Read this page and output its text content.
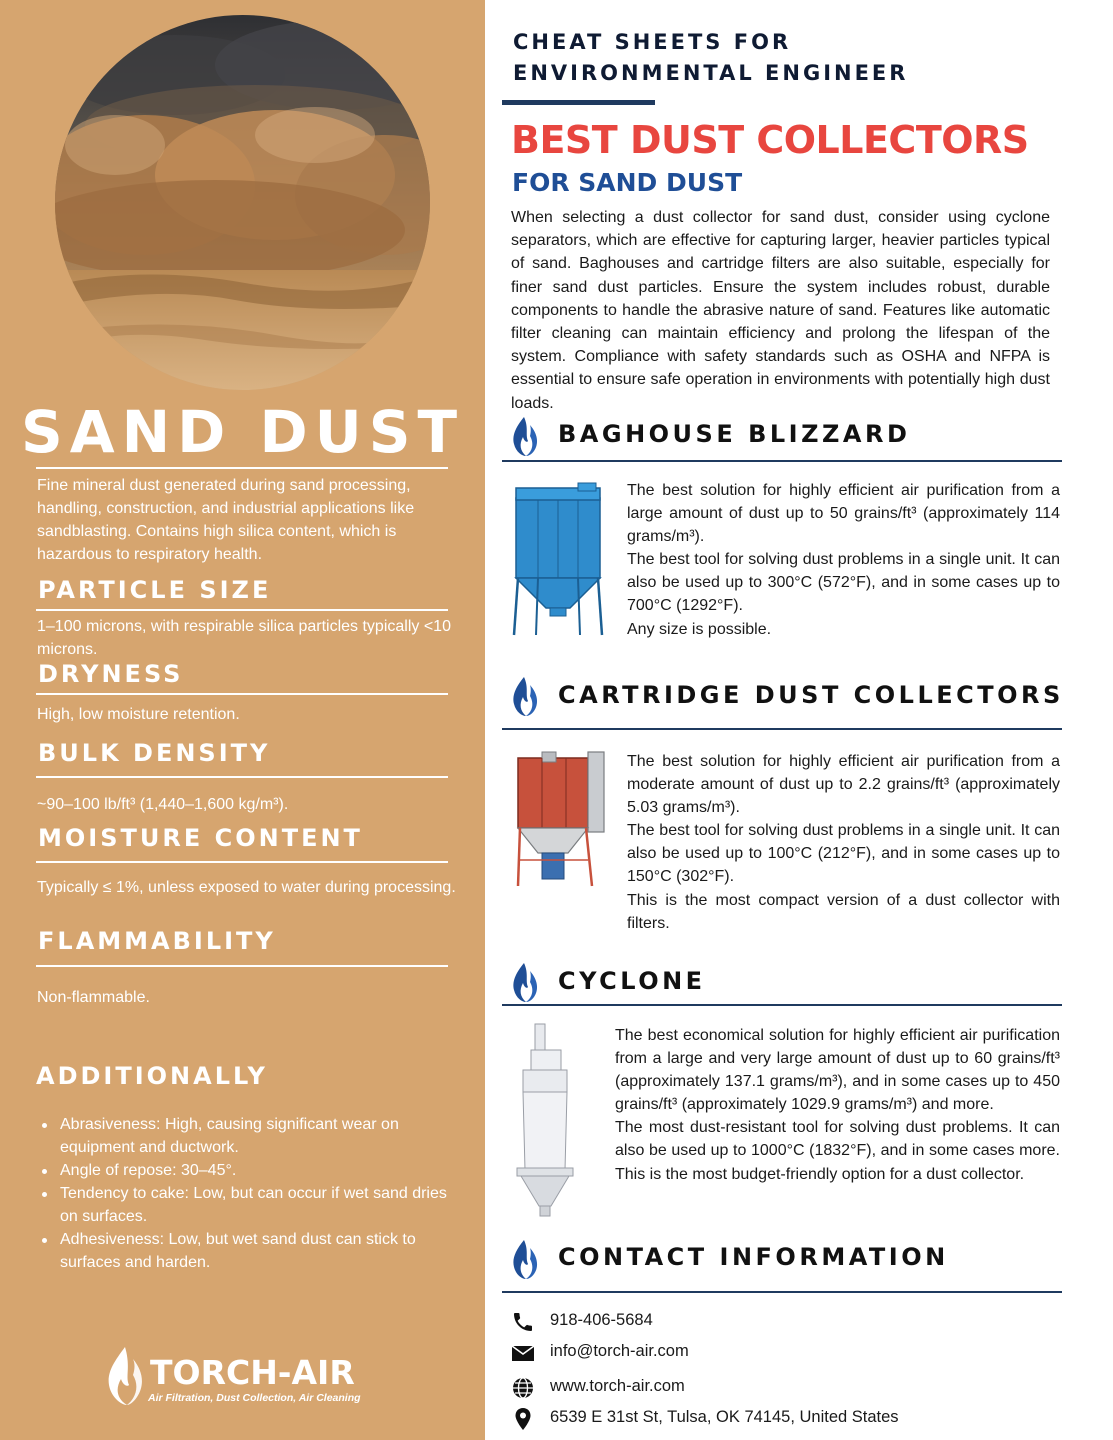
SAND DUST
Fine mineral dust generated during sand processing, handling, construction, and industrial applications like sandblasting. Contains high silica content, which is hazardous to respiratory health.
PARTICLE SIZE
1–100 microns, with respirable silica particles typically <10 microns.
DRYNESS
High, low moisture retention.
BULK DENSITY
~90–100 lb/ft³ (1,440–1,600 kg/m³).
MOISTURE CONTENT
Typically ≤ 1%, unless exposed to water during processing.
FLAMMABILITY
Non-flammable.
ADDITIONALLY
Abrasiveness: High, causing significant wear on equipment and ductwork.
Angle of repose: 30–45°.
Tendency to cake: Low, but can occur if wet sand dries on surfaces.
Adhesiveness: Low, but wet sand dust can stick to surfaces and harden.
TORCH-AIR
Air Filtration, Dust Collection, Air Cleaning
CHEAT SHEETS FOR
ENVIRONMENTAL ENGINEER
BEST DUST COLLECTORS
FOR SAND DUST
When selecting a dust collector for sand dust, consider using cyclone separators, which are effective for capturing larger, heavier particles typical of sand. Baghouses and cartridge filters are also suitable, especially for finer sand dust particles. Ensure the system includes robust, durable components to handle the abrasive nature of sand. Features like automatic filter cleaning can maintain efficiency and prolong the lifespan of the system. Compliance with safety standards such as OSHA and NFPA is essential to ensure safe operation in environments with potentially high dust loads.
BAGHOUSE BLIZZARD

The best solution for highly efficient air purification from a large amount of dust up to 50 grains/ft³ (approximately 114 grams/m³).

The best tool for solving dust problems in a single unit. It can also be used up to 300°C (572°F), and in some cases up to 700°C (1292°F).

Any size is possible.

CARTRIDGE DUST COLLECTORS

The best solution for highly efficient air purification from a moderate amount of dust up to 2.2 grains/ft³ (approximately 5.03 grams/m³).

The best tool for solving dust problems in a single unit. It can also be used up to 100°C (212°F), and in some cases up to 150°C (302°F).

This is the most compact version of a dust collector with filters.

CYCLONE

The best economical solution for highly efficient air purification from a large and very large amount of dust up to 60 grains/ft³ (approximately 137.1 grams/m³), and in some cases up to 450 grains/ft³ (approximately 1029.9 grams/m³) and more.

The most dust-resistant tool for solving dust problems. It can also be used up to 1000°C (1832°F), and in some cases more. This is the most budget-friendly option for a dust collector.

CONTACT INFORMATION
918-406-5684
info@torch-air.com
www.torch-air.com
6539 E 31st St, Tulsa, OK 74145, United States
